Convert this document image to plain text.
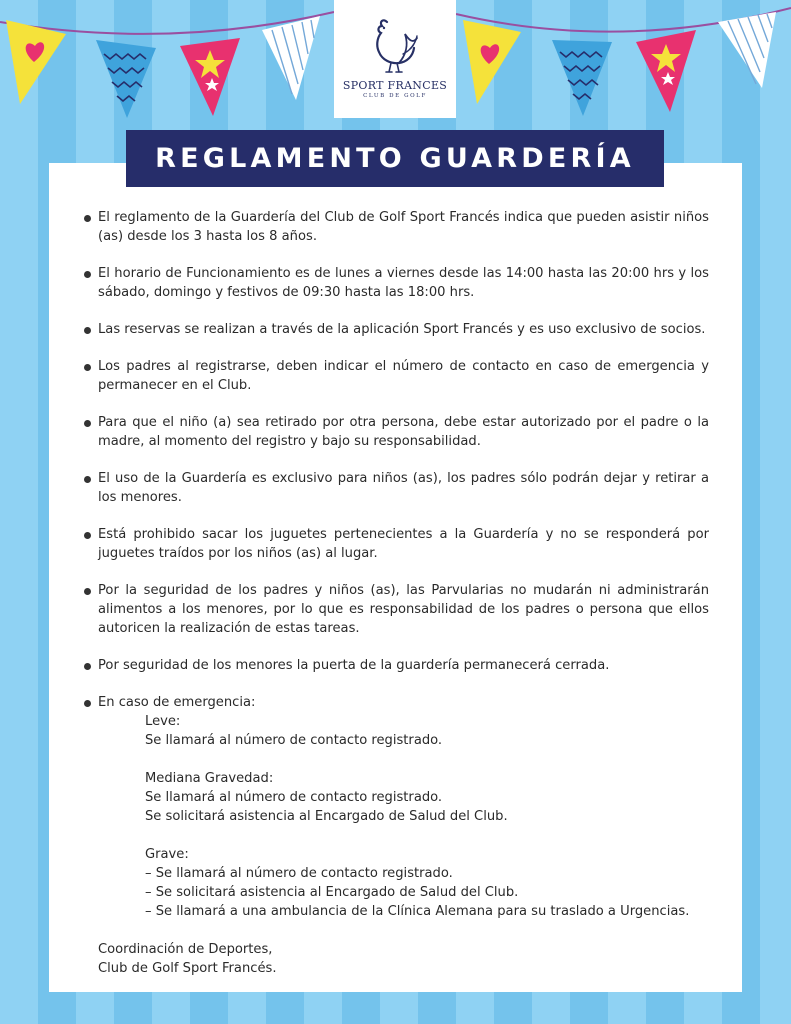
SPORT FRANCES
CLUB DE GOLF
REGLAMENTO GUARDERÍA
El reglamento de la Guardería del Club de Golf Sport Francés indica que pueden asistir niños (as) desde los 3 hasta los 8 años.
El horario de Funcionamiento es de lunes a viernes desde las 14:00 hasta las 20:00 hrs y los sábado, domingo y festivos de 09:30 hasta las 18:00 hrs.
Las reservas se realizan a través de la aplicación Sport Francés y es uso exclusivo de socios.
Los padres al registrarse, deben indicar el número de contacto en caso de emergencia y permanecer en el Club.
Para que el niño (a) sea retirado por otra persona, debe estar autorizado por el padre o la madre, al momento del registro y bajo su responsabilidad.
El uso de la Guardería es exclusivo para niños (as), los padres sólo podrán dejar y retirar a los menores.
Está prohibido sacar los juguetes pertenecientes a la Guardería y no se responderá por juguetes traídos por los niños (as) al lugar.
Por la seguridad de los padres y niños (as), las Parvularias no mudarán ni administrarán alimentos a los menores, por lo que es responsabilidad de los padres o persona que ellos autoricen la realización de estas tareas.
Por seguridad de los menores la puerta de la guardería permanecerá cerrada.
En caso de emergencia:
Leve:
Se llamará al número de contacto registrado.
Mediana Gravedad:
Se llamará al número de contacto registrado.
Se solicitará asistencia al Encargado de Salud del Club.
Grave:
– Se llamará al número de contacto registrado.
– Se solicitará asistencia al Encargado de Salud del Club.
– Se llamará a una ambulancia de la Clínica Alemana para su traslado a Urgencias.
Coordinación de Deportes,
Club de Golf Sport Francés.
